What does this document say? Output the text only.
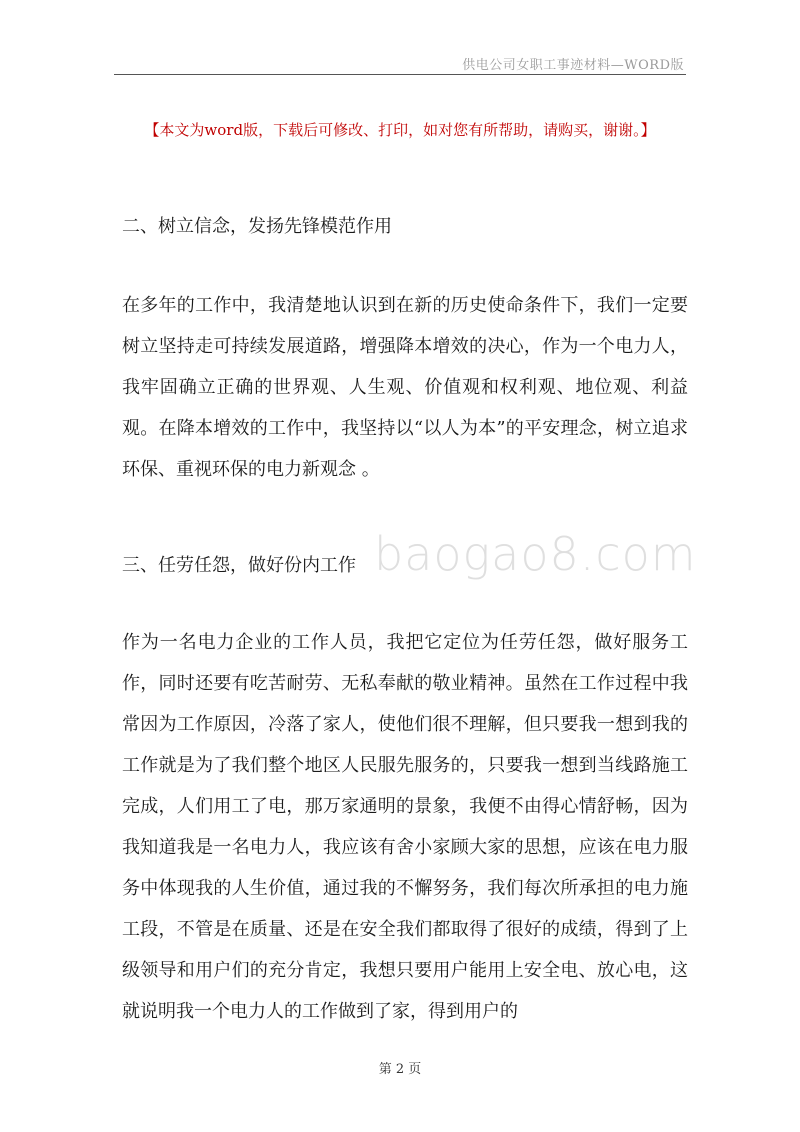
供电公司女职工事迹材料—WORD版
【本文为word版，下载后可修改、打印，如对您有所帮助，请购买，谢谢。】
二、树立信念，发扬先锋模范作用
在多年的工作中，我清楚地认识到在新的历史使命条件下，我们一定要树立坚持走可持续发展道路，增强降本增效的决心，作为一个电力人，我牢固确立正确的世界观、人生观、价值观和权利观、地位观、利益观。在降本增效的工作中，我坚持以“以人为本”的平安理念，树立追求环保、重视环保的电力新观念 。
三、任劳任怨，做好份内工作
作为一名电力企业的工作人员，我把它定位为任劳任怨，做好服务工作，同时还要有吃苦耐劳、无私奉献的敬业精神。虽然在工作过程中我常因为工作原因，冷落了家人，使他们很不理解，但只要我一想到我的工作就是为了我们整个地区人民服先服务的，只要我一想到当线路施工完成，人们用工了电，那万家通明的景象，我便不由得心情舒畅，因为我知道我是一名电力人，我应该有舍小家顾大家的思想，应该在电力服务中体现我的人生价值，通过我的不懈努务，我们每次所承担的电力施工段，不管是在质量、还是在安全我们都取得了很好的成绩，得到了上级领导和用户们的充分肯定，我想只要用户能用上安全电、放心电，这就说明我一个电力人的工作做到了家，得到用户的
baogao8.com
第 2 页
